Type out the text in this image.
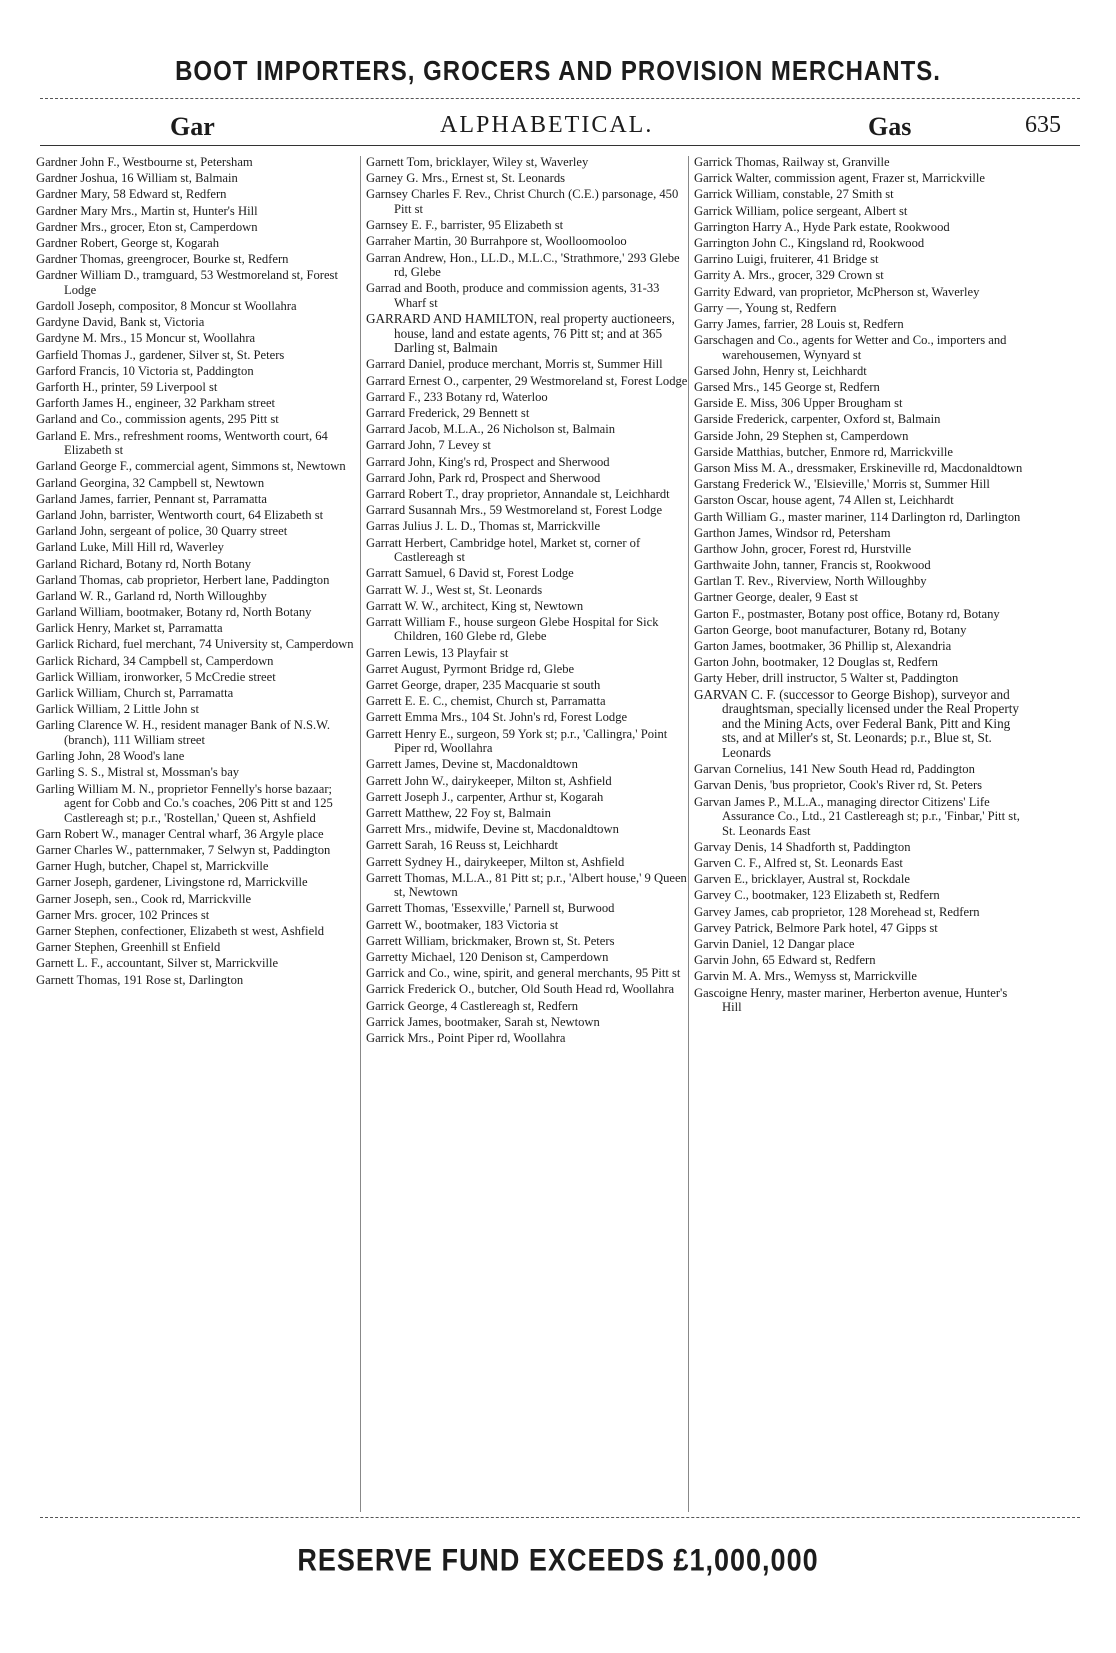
BOOT IMPORTERS, GROCERS AND PROVISION MERCHANTS.
Gar	ALPHABETICAL.	Gas	635
Gardner John F., Westbourne st, Petersham
Gardner Joshua, 16 William st, Balmain
Gardner Mary, 58 Edward st, Redfern
Gardner Mary Mrs., Martin st, Hunter's Hill
Gardner Mrs., grocer, Eton st, Camperdown
Gardner Robert, George st, Kogarah
Gardner Thomas, greengrocer, Bourke st, Redfern
Gardner William D., tramguard, 53 Westmoreland st, Forest Lodge
Gardoll Joseph, compositor, 8 Moncur st Woollahra
Gardyne David, Bank st, Victoria
Gardyne M. Mrs., 15 Moncur st, Woollahra
Garfield Thomas J., gardener, Silver st, St. Peters
Garford Francis, 10 Victoria st, Paddington
Garforth H., printer, 59 Liverpool st
Garforth James H., engineer, 32 Parkham street
Garland and Co., commission agents, 295 Pitt st
Garland E. Mrs., refreshment rooms, Wentworth court, 64 Elizabeth st
Garland George F., commercial agent, Simmons st, Newtown
Garland Georgina, 32 Campbell st, Newtown
Garland James, farrier, Pennant st, Parramatta
Garland John, barrister, Wentworth court, 64 Elizabeth st
Garland John, sergeant of police, 30 Quarry street
Garland Luke, Mill Hill rd, Waverley
Garland Richard, Botany rd, North Botany
Garland Thomas, cab proprietor, Herbert lane, Paddington
Garland W. R., Garland rd, North Willoughby
Garland William, bootmaker, Botany rd, North Botany
Garlick Henry, Market st, Parramatta
Garlick Richard, fuel merchant, 74 University st, Camperdown
Garlick Richard, 34 Campbell st, Camperdown
Garlick William, ironworker, 5 McCredie street
Garlick William, Church st, Parramatta
Garlick William, 2 Little John st
Garling Clarence W. H., resident manager Bank of N.S.W. (branch), 111 William street
Garling John, 28 Wood's lane
Garling S. S., Mistral st, Mossman's bay
Garling William M. N., proprietor Fennelly's horse bazaar; agent for Cobb and Co.'s coaches, 206 Pitt st and 125 Castlereagh st; p.r., 'Rostellan,' Queen st, Ashfield
Garn Robert W., manager Central wharf, 36 Argyle place
Garner Charles W., patternmaker, 7 Selwyn st, Paddington
Garner Hugh, butcher, Chapel st, Marrickville
Garner Joseph, gardener, Livingstone rd, Marrickville
Garner Joseph, sen., Cook rd, Marrickville
Garner Mrs. grocer, 102 Princes st
Garner Stephen, confectioner, Elizabeth st west, Ashfield
Garner Stephen, Greenhill st Enfield
Garnett L. F., accountant, Silver st, Marrickville
Garnett Thomas, 191 Rose st, Darlington
Garnett Tom, bricklayer, Wiley st, Waverley
Garney G. Mrs., Ernest st, St. Leonards
Garnsey Charles F. Rev., Christ Church (C.E.) parsonage, 450 Pitt st
Garnsey E. F., barrister, 95 Elizabeth st
Garraher Martin, 30 Burrahpore st, Woolloomooloo
Garran Andrew, Hon., LL.D., M.L.C., 'Strathmore,' 293 Glebe rd, Glebe
Garrad and Booth, produce and commission agents, 31-33 Wharf st
GARRARD AND HAMILTON, real property auctioneers, house, land and estate agents, 76 Pitt st; and at 365 Darling st, Balmain
Garrard Daniel, produce merchant, Morris st, Summer Hill
Garrard Ernest O., carpenter, 29 Westmoreland st, Forest Lodge
Garrard F., 233 Botany rd, Waterloo
Garrard Frederick, 29 Bennett st
Garrard Jacob, M.L.A., 26 Nicholson st, Balmain
Garrard John, 7 Levey st
Garrard John, King's rd, Prospect and Sherwood
Garrard John, Park rd, Prospect and Sherwood
Garrard Robert T., dray proprietor, Annandale st, Leichhardt
Garrard Susannah Mrs., 59 Westmoreland st, Forest Lodge
Garras Julius J. L. D., Thomas st, Marrickville
Garratt Herbert, Cambridge hotel, Market st, corner of Castlereagh st
Garratt Samuel, 6 David st, Forest Lodge
Garratt W. J., West st, St. Leonards
Garratt W. W., architect, King st, Newtown
Garratt William F., house surgeon Glebe Hospital for Sick Children, 160 Glebe rd, Glebe
Garren Lewis, 13 Playfair st
Garret August, Pyrmont Bridge rd, Glebe
Garret George, draper, 235 Macquarie st south
Garrett E. E. C., chemist, Church st, Parramatta
Garrett Emma Mrs., 104 St. John's rd, Forest Lodge
Garrett Henry E., surgeon, 59 York st; p.r., 'Callingra,' Point Piper rd, Woollahra
Garrett James, Devine st, Macdonaldtown
Garrett John W., dairykeeper, Milton st, Ashfield
Garrett Joseph J., carpenter, Arthur st, Kogarah
Garrett Matthew, 22 Foy st, Balmain
Garrett Mrs., midwife, Devine st, Macdonaldtown
Garrett Sarah, 16 Reuss st, Leichhardt
Garrett Sydney H., dairykeeper, Milton st, Ashfield
Garrett Thomas, M.L.A., 81 Pitt st; p.r., 'Albert house,' 9 Queen st, Newtown
Garrett Thomas, 'Essexville,' Parnell st, Burwood
Garrett W., bootmaker, 183 Victoria st
Garrett William, brickmaker, Brown st, St. Peters
Garretty Michael, 120 Denison st, Camperdown
Garrick and Co., wine, spirit, and general merchants, 95 Pitt st
Garrick Frederick O., butcher, Old South Head rd, Woollahra
Garrick George, 4 Castlereagh st, Redfern
Garrick James, bootmaker, Sarah st, Newtown
Garrick Mrs., Point Piper rd, Woollahra
Garrick Thomas, Railway st, Granville
Garrick Walter, commission agent, Frazer st, Marrickville
Garrick William, constable, 27 Smith st
Garrick William, police sergeant, Albert st
Garrington Harry A., Hyde Park estate, Rookwood
Garrington John C., Kingsland rd, Rookwood
Garrino Luigi, fruiterer, 41 Bridge st
Garrity A. Mrs., grocer, 329 Crown st
Garrity Edward, van proprietor, McPherson st, Waverley
Garry —, Young st, Redfern
Garry James, farrier, 28 Louis st, Redfern
Garschagen and Co., agents for Wetter and Co., importers and warehousemen, Wynyard st
Garsed John, Henry st, Leichhardt
Garsed Mrs., 145 George st, Redfern
Garside E. Miss, 306 Upper Brougham st
Garside Frederick, carpenter, Oxford st, Balmain
Garside John, 29 Stephen st, Camperdown
Garside Matthias, butcher, Enmore rd, Marrickville
Garson Miss M. A., dressmaker, Erskineville rd, Macdonaldtown
Garstang Frederick W., 'Elsieville,' Morris st, Summer Hill
Garston Oscar, house agent, 74 Allen st, Leichhardt
Garth William G., master mariner, 114 Darlington rd, Darlington
Garthon James, Windsor rd, Petersham
Garthow John, grocer, Forest rd, Hurstville
Garthwaite John, tanner, Francis st, Rookwood
Gartlan T. Rev., Riverview, North Willoughby
Gartner George, dealer, 9 East st
Garton F., postmaster, Botany post office, Botany rd, Botany
Garton George, boot manufacturer, Botany rd, Botany
Garton James, bootmaker, 36 Phillip st, Alexandria
Garton John, bootmaker, 12 Douglas st, Redfern
Garty Heber, drill instructor, 5 Walter st, Paddington
GARVAN C. F. (successor to George Bishop), surveyor and draughtsman, specially licensed under the Real Property and the Mining Acts, over Federal Bank, Pitt and King sts, and at Miller's st, St. Leonards; p.r., Blue st, St. Leonards
Garvan Cornelius, 141 New South Head rd, Paddington
Garvan Denis, 'bus proprietor, Cook's River rd, St. Peters
Garvan James P., M.L.A., managing director Citizens' Life Assurance Co., Ltd., 21 Castlereagh st; p.r., 'Finbar,' Pitt st, St. Leonards East
Garvay Denis, 14 Shadforth st, Paddington
Garven C. F., Alfred st, St. Leonards East
Garven E., bricklayer, Austral st, Rockdale
Garvey C., bootmaker, 123 Elizabeth st, Redfern
Garvey James, cab proprietor, 128 Morehead st, Redfern
Garvey Patrick, Belmore Park hotel, 47 Gipps st
Garvin Daniel, 12 Dangar place
Garvin John, 65 Edward st, Redfern
Garvin M. A. Mrs., Wemyss st, Marrickville
Gascoigne Henry, master mariner, Herberton avenue, Hunter's Hill
RESERVE FUND EXCEEDS £1,000,000
